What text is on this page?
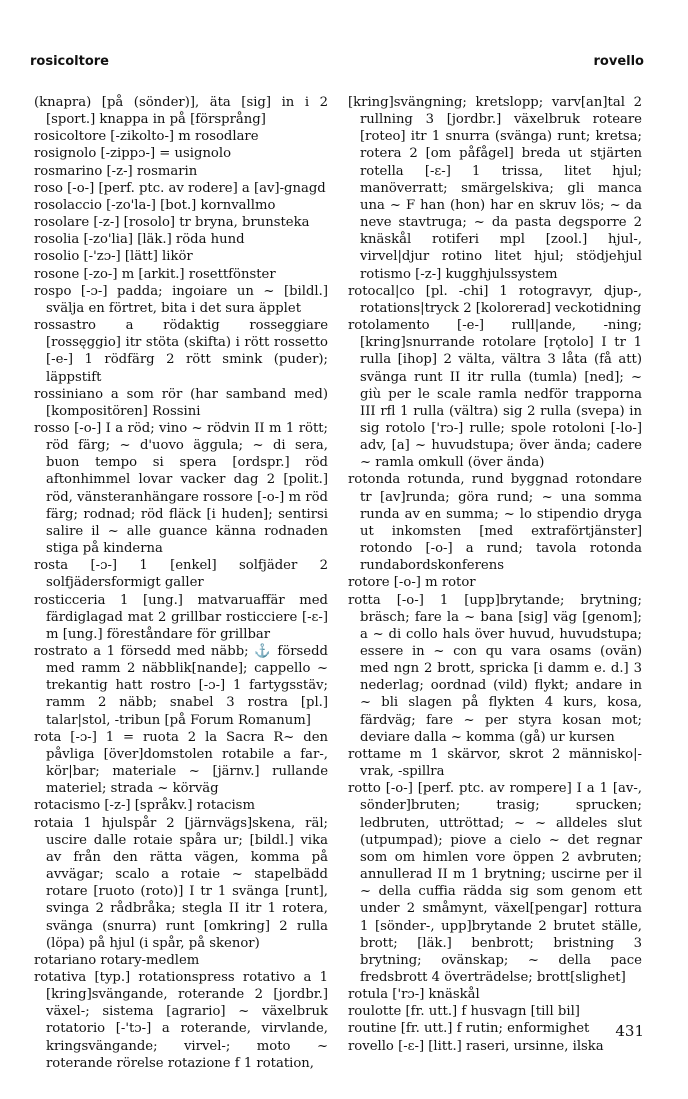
rosicoltore	rovello

(knapra) [på (sönder)], äta [sig] in i 2 [sport.] knappa in på [försprång]

rosicoltore [-zikolto-] m rosodlare

rosignolo [-zippɔ-] = usignolo

rosmarino [-z-] rosmarin

roso [-o-] [perf. ptc. av rodere] a [av]-gnagd

rosolaccio [-zo'la-] [bot.] kornvallmo

rosolare [-z-] [rosolo] tr bryna, brunsteka

rosolia [-zo'lia] [läk.] röda hund

rosolio [-'zɔ-] [lätt] likör

rosone [-zo-] m [arkit.] rosettfönster

rospo [-ɔ-] padda; ingoiare un ~ [bildl.] svälja en förtret, bita i det sura äpplet

rossastro a rödaktig rosseggiare [rossęggio] itr stöta (skifta) i rött rossetto [-e-] 1 rödfärg 2 rött smink (puder); läppstift

rossiniano a som rör (har samband med) [kompositören] Rossini

rosso [-o-] I a röd; vino ~ rödvin II m 1 rött; röd färg; ~ d'uovo äggula; ~ di sera, buon tempo si spera [ordspr.] röd aftonhimmel lovar vacker dag 2 [polit.] röd, vänsteranhängare rossore [-o-] m röd färg; rodnad; röd fläck [i huden]; sentirsi salire il ~ alle guance känna rodnaden stiga på kinderna

rosta [-ɔ-] 1 [enkel] solfjäder 2 solfjädersformigt galler

rosticceria 1 [ung.] matvaruaffär med färdiglagad mat 2 grillbar rosticciere [-ɛ-] m [ung.] föreståndare för grillbar

rostrato a 1 försedd med näbb; ⚓ försedd med ramm 2 näbblik[nande]; cappello ~ trekantig hatt rostro [-ɔ-] 1 fartygsstäv; ramm 2 näbb; snabel 3 rostra [pl.] talar|stol, -tribun [på Forum Romanum]

rota [-ɔ-] 1 = ruota 2 la Sacra R~ den påvliga [över]domstolen rotabile a far-, kör|bar; materiale ~ [järnv.] rullande materiel; strada ~ körväg

rotacismo [-z-] [språkv.] rotacism

rotaia 1 hjulspår 2 [järnvägs]skena, räl; uscire dalle rotaie spåra ur; [bildl.] vika av från den rätta vägen, komma på avvägar; scalo a rotaie ~ stapelbädd rotare [ruoto (roto)] I tr 1 svänga [runt], svinga 2 rådbråka; stegla II itr 1 rotera, svänga (snurra) runt [omkring] 2 rulla (löpa) på hjul (i spår, på skenor)

rotariano rotary-medlem

rotativa [typ.] rotationspress rotativo a 1 [kring]svängande, roterande 2 [jordbr.] växel-; sistema [agrario] ~ växelbruk rotatorio [-'tɔ-] a roterande, virvlande, kringsvängande; virvel-; moto ~ roterande rörelse rotazione f 1 rotation,

[kring]svängning; kretslopp; varv[an]tal 2 rullning 3 [jordbr.] växelbruk roteare [roteo] itr 1 snurra (svänga) runt; kretsa; rotera 2 [om påfågel] breda ut stjärten rotella [-ɛ-] 1 trissa, litet hjul; manöverratt; smärgelskiva; gli manca una ~ F han (hon) har en skruv lös; ~ da neve stavtruga; ~ da pasta degsporre 2 knäskål rotiferi mpl [zool.] hjul-, virvel|djur rotino litet hjul; stödjehjul rotismo [-z-] kugghjulssystem

rotocal|co [pl. -chi] 1 rotogravyr, djup-, rotations|tryck 2 [kolorerad] veckotidning

rotolamento [-e-] rull|ande, -ning; [kring]snurrande rotolare [rǫtolo] I tr 1 rulla [ihop] 2 välta, vältra 3 låta (få att) svänga runt II itr rulla (tumla) [ned]; ~ giù per le scale ramla nedför trapporna III rfl 1 rulla (vältra) sig 2 rulla (svepa) in sig rotolo ['rɔ-] rulle; spole rotoloni [-lo-] adv, [a] ~ huvudstupa; över ända; cadere ~ ramla omkull (över ända)

rotonda rotunda, rund byggnad rotondare tr [av]runda; göra rund; ~ una somma runda av en summa; ~ lo stipendio dryga ut inkomsten [med extraförtjänster] rotondo [-o-] a rund; tavola rotonda rundabordskonferens

rotore [-o-] m rotor

rotta [-o-] 1 [upp]brytande; brytning; bräsch; fare la ~ bana [sig] väg [genom]; a ~ di collo hals över huvud, huvudstupa; essere in ~ con qu vara osams (ovän) med ngn 2 brott, spricka [i damm e. d.] 3 nederlag; oordnad (vild) flykt; andare in ~ bli slagen på flykten 4 kurs, kosa, färdväg; fare ~ per styra kosan mot; deviare dalla ~ komma (gå) ur kursen

rottame m 1 skärvor, skrot 2 människo|-vrak, -spillra

rotto [-o-] [perf. ptc. av rompere] I a 1 [av-, sönder]bruten; trasig; sprucken; ledbruten, uttröttad; ~ ~ alldeles slut (utpumpad); piove a cielo ~ det regnar som om himlen vore öppen 2 avbruten; annullerad II m 1 brytning; uscirne per il ~ della cuffia rädda sig som genom ett under 2 småmynt, växel[pengar] rottura 1 [sönder-, upp]brytande 2 brutet ställe, brott; [läk.] benbrott; bristning 3 brytning; ovänskap; ~ della pace fredsbrott 4 överträdelse; brott[slighet]

rotula ['rɔ-] knäskål

roulotte [fr. utt.] f husvagn [till bil]

routine [fr. utt.] f rutin; enformighet

rovello [-ɛ-] [litt.] raseri, ursinne, ilska

431
